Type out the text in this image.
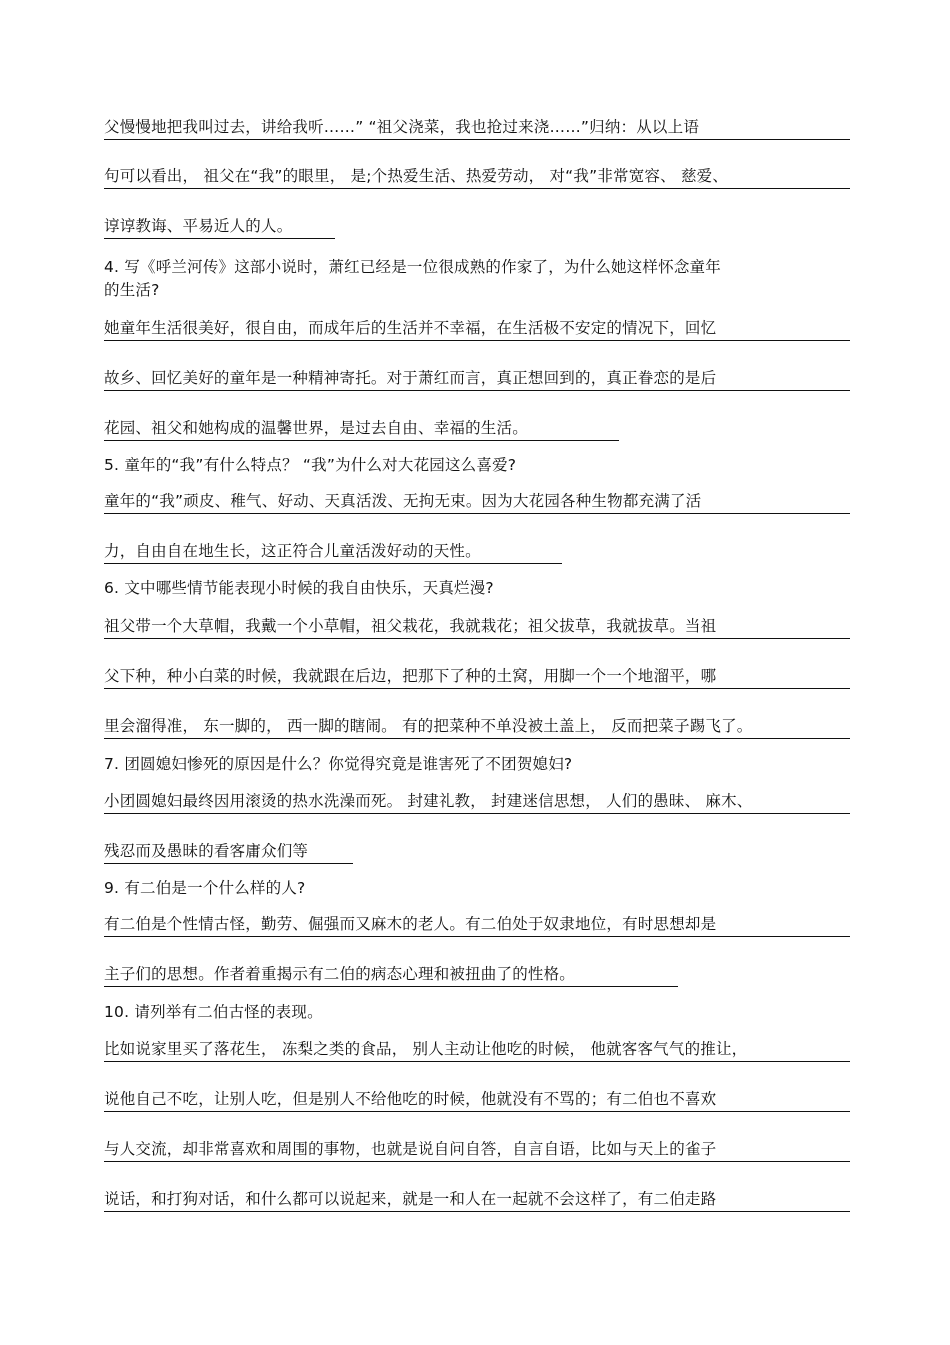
父慢慢地把我叫过去，讲给我听……” “祖父浇菜，我也抢过来浇……”归纳：从以上语
句可以看出， 祖父在“我”的眼里， 是;个热爱生活、热爱劳动， 对“我”非常宽容、 慈爱、
谆谆教诲、平易近人的人。
4. 写《呼兰河传》这部小说时，萧红已经是一位很成熟的作家了，为什么她这样怀念童年
的生活?
她童年生活很美好，很自由，而成年后的生活并不幸福，在生活极不安定的情况下，回忆
故乡、回忆美好的童年是一种精神寄托。对于萧红而言，真正想回到的，真正眷恋的是后
花园、祖父和她构成的温馨世界，是过去自由、幸福的生活。
5. 童年的“我”有什么特点？ “我”为什么对大花园这么喜爱?
童年的“我”顽皮、稚气、好动、天真活泼、无拘无束。因为大花园各种生物都充满了活
力，自由自在地生长，这正符合儿童活泼好动的天性。
6. 文中哪些情节能表现小时候的我自由快乐，天真烂漫?
祖父带一个大草帽，我戴一个小草帽，祖父栽花，我就栽花；祖父拔草，我就拔草。当祖
父下种，种小白菜的时候，我就跟在后边，把那下了种的土窝，用脚一个一个地溜平，哪
里会溜得准， 东一脚的， 西一脚的瞎闹。 有的把菜种不单没被土盖上， 反而把菜子踢飞了。
7. 团圆媳妇惨死的原因是什么？你觉得究竟是谁害死了不团贺媳妇?
小团圆媳妇最终因用滚烫的热水洗澡而死。 封建礼教， 封建迷信思想， 人们的愚昧、 麻木、
残忍而及愚昧的看客庸众们等
9. 有二伯是一个什么样的人?
有二伯是个性情古怪，勤劳、倔强而又麻木的老人。有二伯处于奴隶地位，有时思想却是
主子们的思想。作者着重揭示有二伯的病态心理和被扭曲了的性格。
10. 请列举有二伯古怪的表现。
比如说家里买了落花生， 冻梨之类的食品， 别人主动让他吃的时候， 他就客客气气的推让，
说他自己不吃，让别人吃，但是别人不给他吃的时候，他就没有不骂的；有二伯也不喜欢
与人交流，却非常喜欢和周围的事物，也就是说自问自答，自言自语，比如与天上的雀子
说话，和打狗对话，和什么都可以说起来，就是一和人在一起就不会这样了，有二伯走路
